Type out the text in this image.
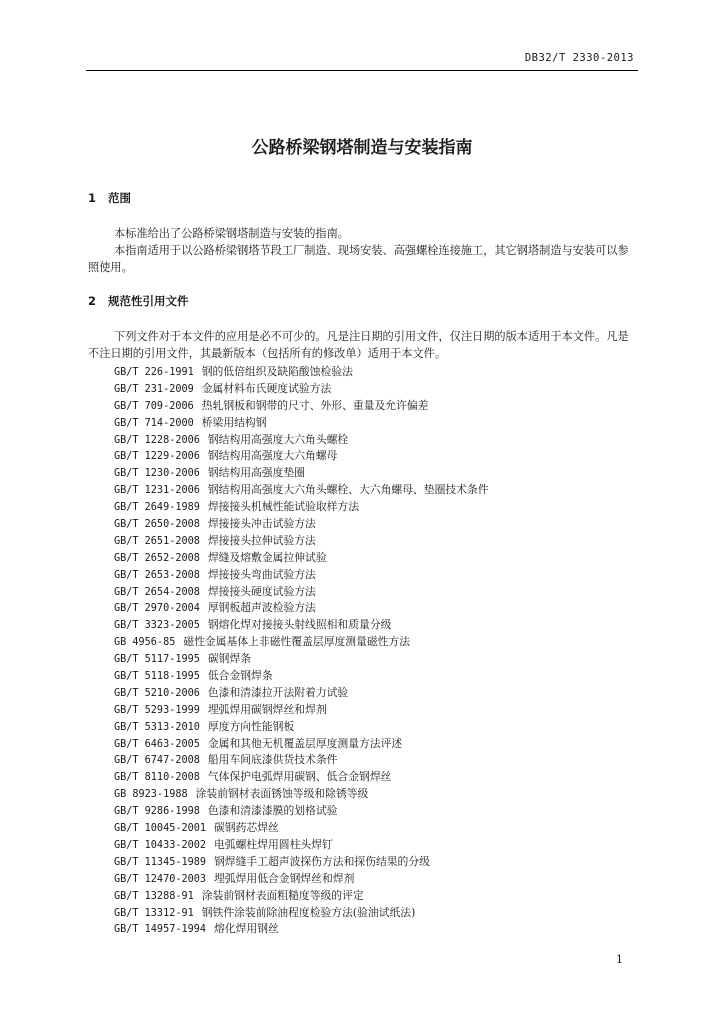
DB32/T 2330-2013
公路桥梁钢塔制造与安装指南
1 范围

本标准给出了公路桥梁钢塔制造与安装的指南。

本指南适用于以公路桥梁钢塔节段工厂制造、现场安装、高强螺栓连接施工，其它钢塔制造与安装可以参照使用。

2 规范性引用文件

下列文件对于本文件的应用是必不可少的。凡是注日期的引用文件，仅注日期的版本适用于本文件。凡是不注日期的引用文件，其最新版本（包括所有的修改单）适用于本文件。

GB/T 226-1991 钢的低倍组织及缺陷酸蚀检验法
GB/T 231-2009 金属材料布氏硬度试验方法
GB/T 709-2006 热轧钢板和钢带的尺寸、外形、重量及允许偏差
GB/T 714-2000 桥梁用结构钢
GB/T 1228-2006 钢结构用高强度大六角头螺栓
GB/T 1229-2006 钢结构用高强度大六角螺母
GB/T 1230-2006 钢结构用高强度垫圈
GB/T 1231-2006 钢结构用高强度大六角头螺栓、大六角螺母、垫圈技术条件
GB/T 2649-1989 焊接接头机械性能试验取样方法
GB/T 2650-2008 焊接接头冲击试验方法
GB/T 2651-2008 焊接接头拉伸试验方法
GB/T 2652-2008 焊缝及熔敷金属拉伸试验
GB/T 2653-2008 焊接接头弯曲试验方法
GB/T 2654-2008 焊接接头硬度试验方法
GB/T 2970-2004 厚钢板超声波检验方法
GB/T 3323-2005 钢熔化焊对接接头射线照相和质量分级
GB 4956-85 磁性金属基体上非磁性覆盖层厚度测量磁性方法
GB/T 5117-1995 碳钢焊条
GB/T 5118-1995 低合金钢焊条
GB/T 5210-2006 色漆和清漆拉开法附着力试验
GB/T 5293-1999 埋弧焊用碳钢焊丝和焊剂
GB/T 5313-2010 厚度方向性能钢板
GB/T 6463-2005 金属和其他无机覆盖层厚度测量方法评述
GB/T 6747-2008 船用车间底漆供货技术条件
GB/T 8110-2008 气体保护电弧焊用碳钢、低合金钢焊丝
GB 8923-1988 涂装前钢材表面锈蚀等级和除锈等级
GB/T 9286-1998 色漆和清漆漆膜的划格试验
GB/T 10045-2001 碳钢药芯焊丝
GB/T 10433-2002 电弧螺柱焊用圆柱头焊钉
GB/T 11345-1989 钢焊缝手工超声波探伤方法和探伤结果的分级
GB/T 12470-2003 埋弧焊用低合金钢焊丝和焊剂
GB/T 13288-91 涂装前钢材表面粗糙度等级的评定
GB/T 13312-91 钢铁件涂装前除油程度检验方法(验油试纸法)
GB/T 14957-1994 熔化焊用钢丝
1
